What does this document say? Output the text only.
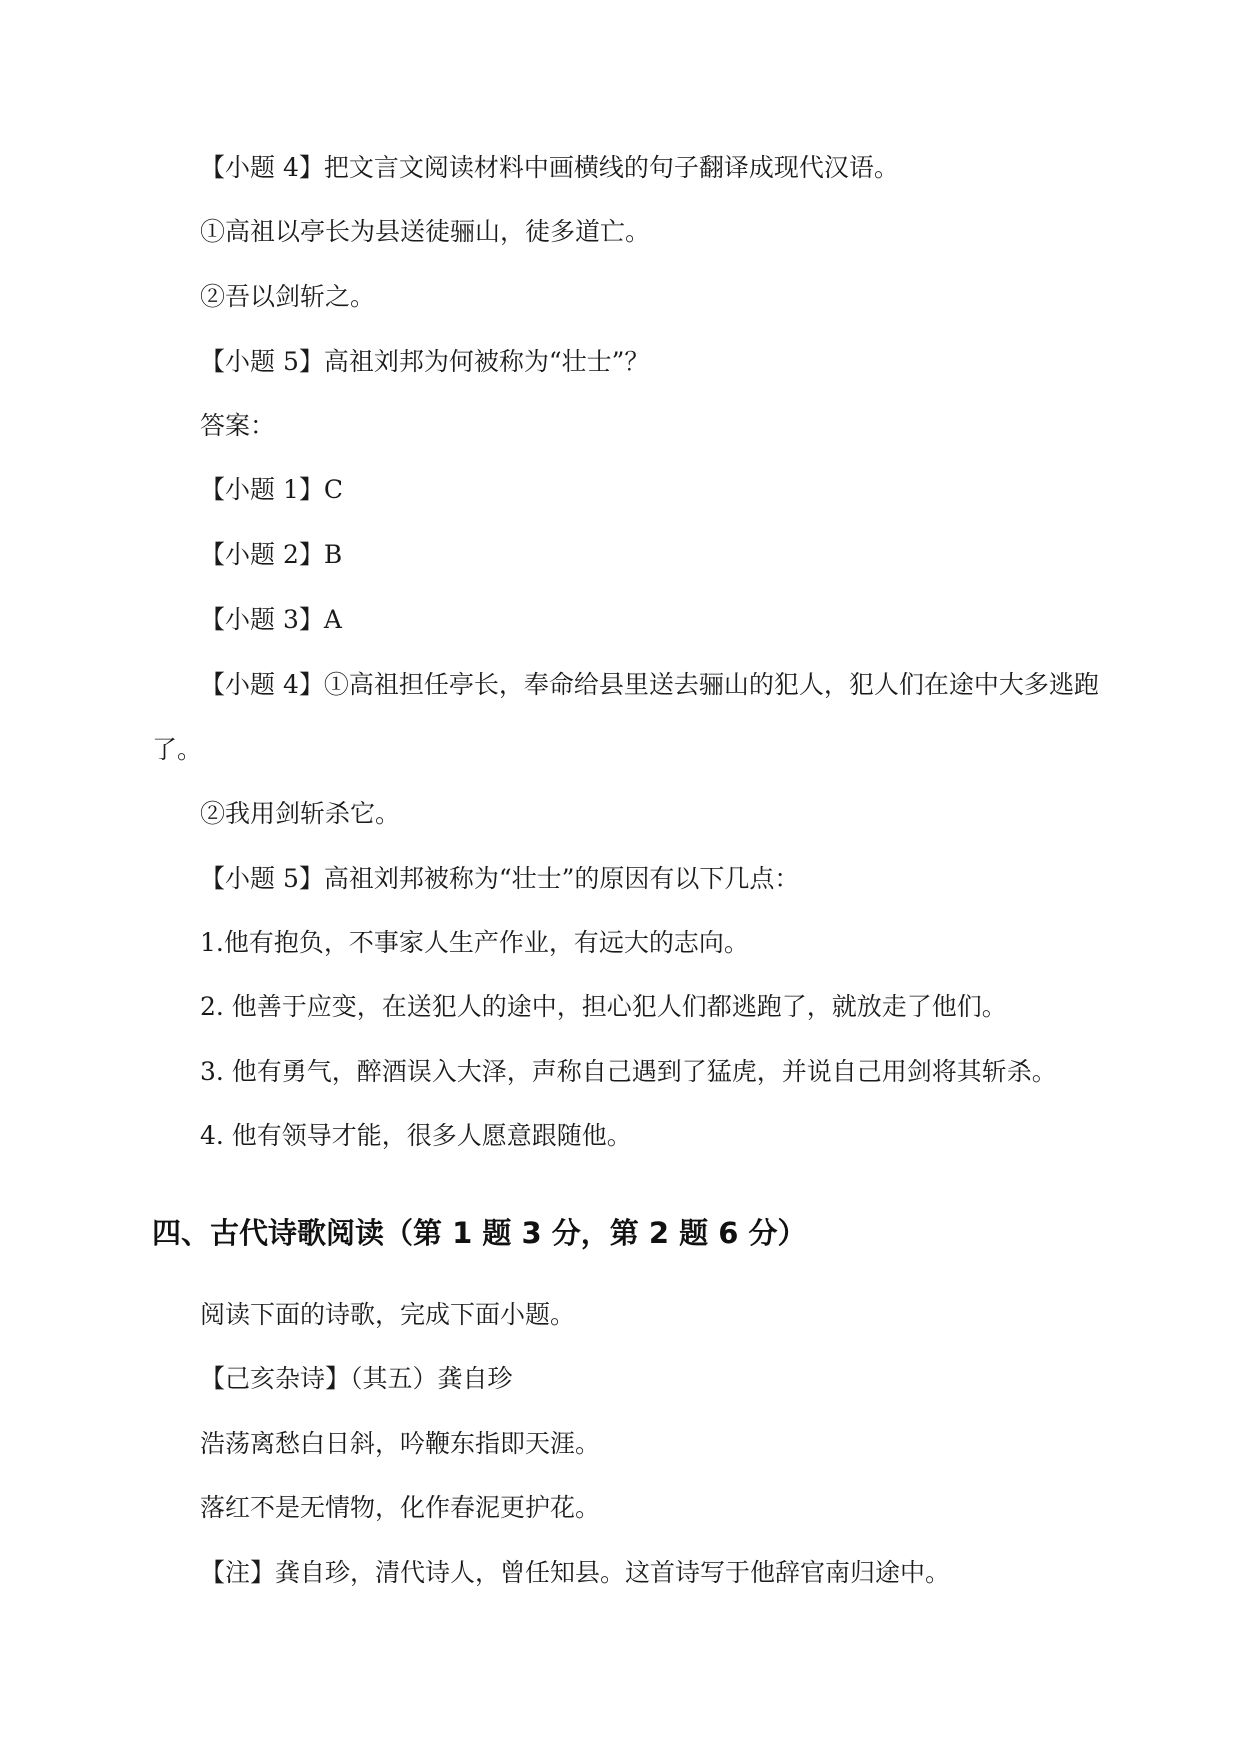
【小题 4】把文言文阅读材料中画横线的句子翻译成现代汉语。
①高祖以亭长为县送徒骊山，徒多道亡。
②吾以剑斩之。
【小题 5】高祖刘邦为何被称为“壮士”？
答案：
【小题 1】C
【小题 2】B
【小题 3】A
【小题 4】①高祖担任亭长，奉命给县里送去骊山的犯人，犯人们在途中大多逃跑
了。
②我用剑斩杀它。
【小题 5】高祖刘邦被称为“壮士”的原因有以下几点：
1.他有抱负，不事家人生产作业，有远大的志向。
2. 他善于应变，在送犯人的途中，担心犯人们都逃跑了，就放走了他们。
3. 他有勇气，醉酒误入大泽，声称自己遇到了猛虎，并说自己用剑将其斩杀。
4. 他有领导才能，很多人愿意跟随他。
四、古代诗歌阅读（第 1 题 3 分，第 2 题 6 分）
阅读下面的诗歌，完成下面小题。
【己亥杂诗】（其五）龚自珍
浩荡离愁白日斜，吟鞭东指即天涯。
落红不是无情物，化作春泥更护花。
【注】龚自珍，清代诗人，曾任知县。这首诗写于他辞官南归途中。
